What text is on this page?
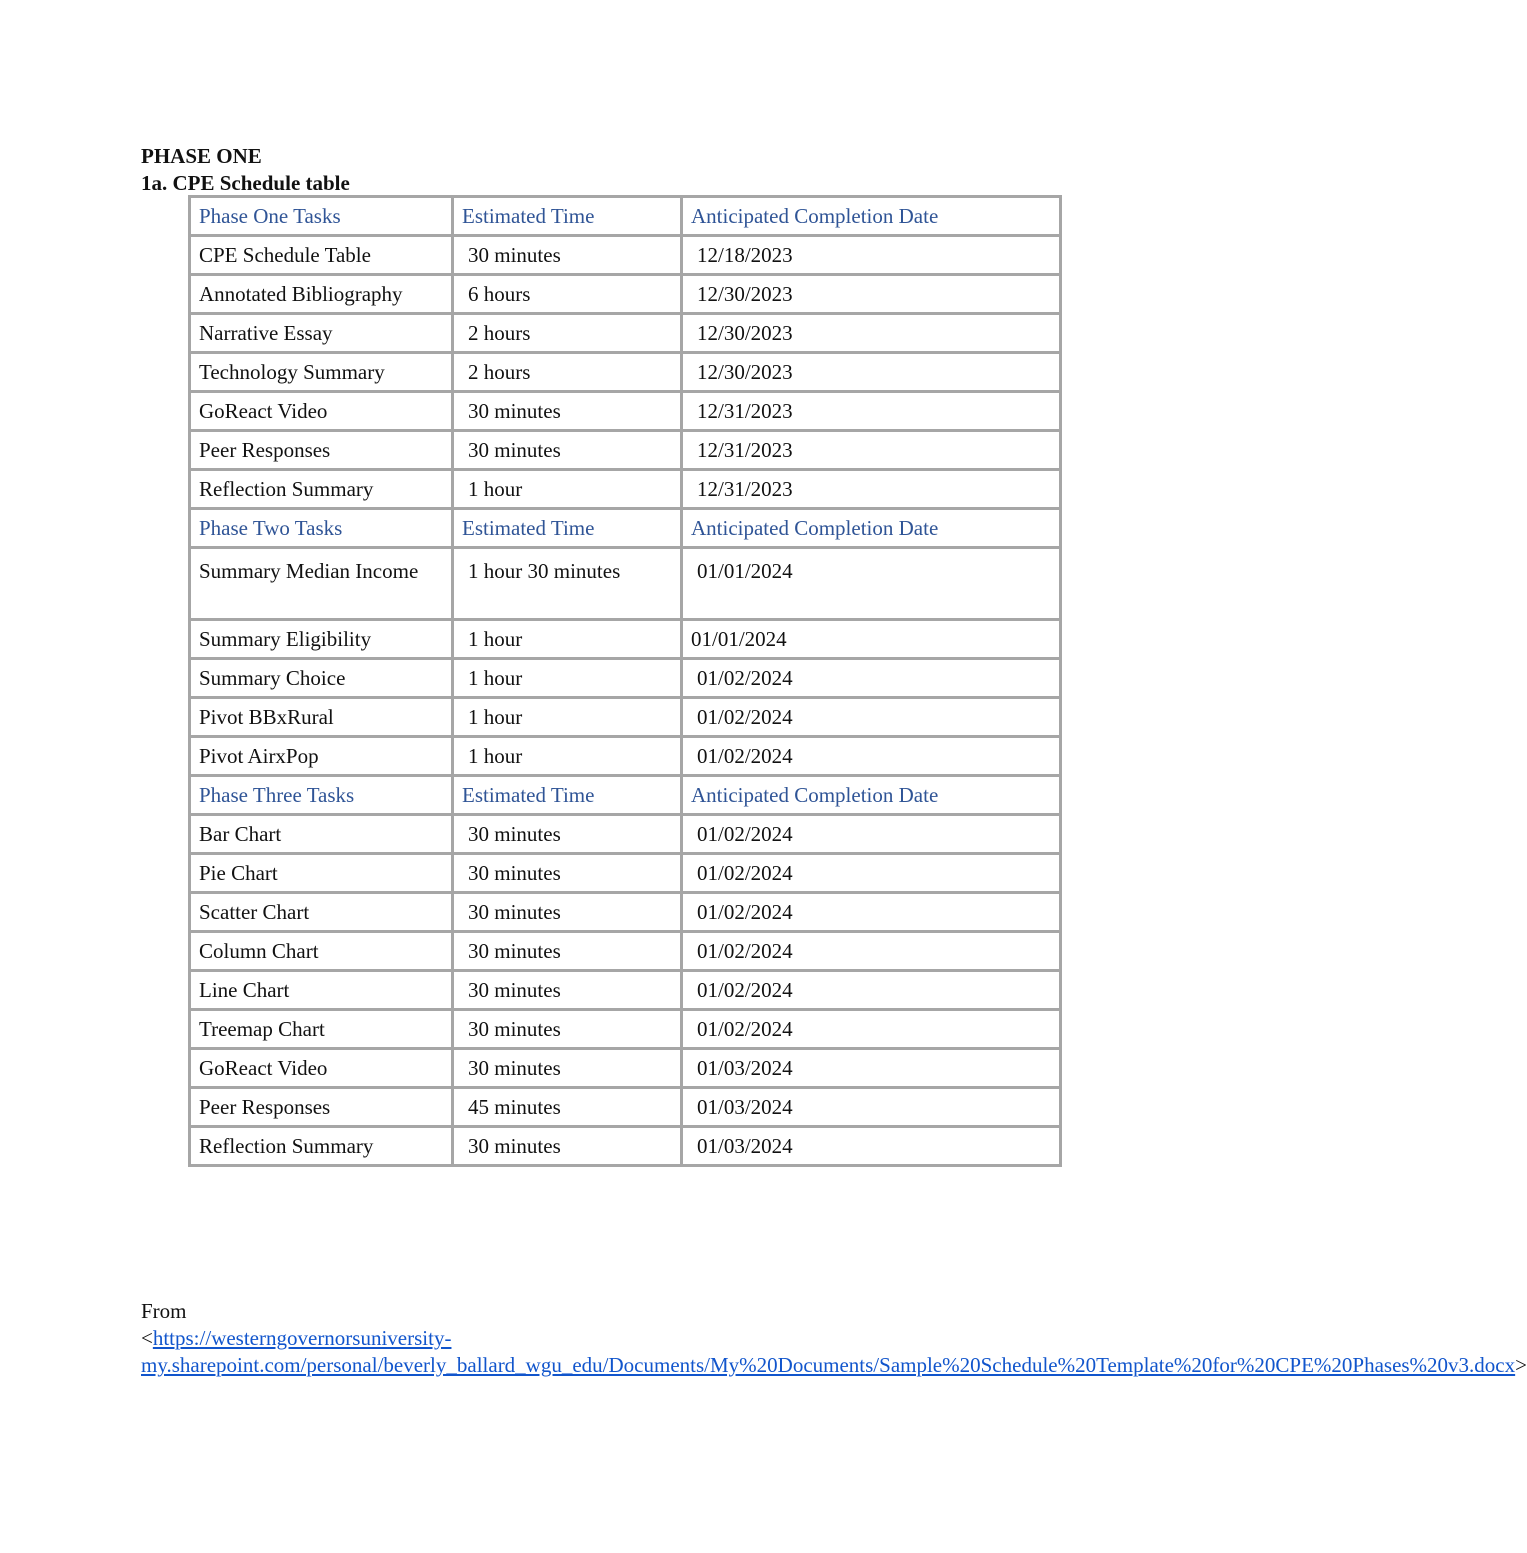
PHASE ONE
1a. CPE Schedule table
Phase One Tasks	Estimated Time	Anticipated Completion Date
CPE Schedule Table	30 minutes	12/18/2023
Annotated Bibliography	6 hours	12/30/2023
Narrative Essay	2 hours	12/30/2023
Technology Summary	2 hours	12/30/2023
GoReact Video	30 minutes	12/31/2023
Peer Responses	30 minutes	12/31/2023
Reflection Summary	1 hour	12/31/2023
Phase Two Tasks	Estimated Time	Anticipated Completion Date
Summary Median Income	1 hour 30 minutes	01/01/2024
Summary Eligibility	1 hour	01/01/2024
Summary Choice	1 hour	01/02/2024
Pivot BBxRural	1 hour	01/02/2024
Pivot AirxPop	1 hour	01/02/2024
Phase Three Tasks	Estimated Time	Anticipated Completion Date
Bar Chart	30 minutes	01/02/2024
Pie Chart	30 minutes	01/02/2024
Scatter Chart	30 minutes	01/02/2024
Column Chart	30 minutes	01/02/2024
Line Chart	30 minutes	01/02/2024
Treemap Chart	30 minutes	01/02/2024
GoReact Video	30 minutes	01/03/2024
Peer Responses	45 minutes	01/03/2024
Reflection Summary	30 minutes	01/03/2024
From
<https://westerngovernorsuniversity-my.sharepoint.com/personal/beverly_ballard_wgu_edu/Documents/My%20Documents/Sample%20Schedule%20Template%20for%20CPE%20Phases%20v3.docx>
